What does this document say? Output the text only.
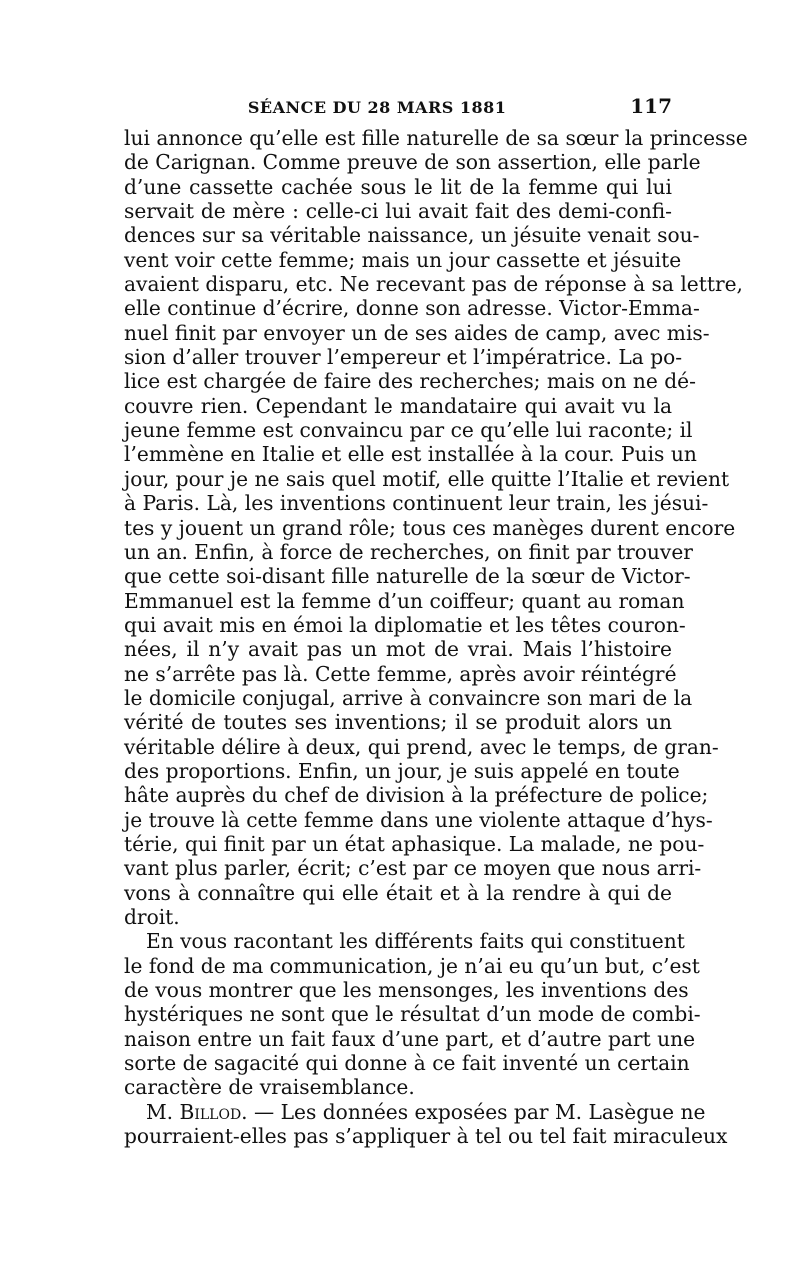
SÉANCE DU 28 MARS 1881	117
lui annonce qu’elle est fille naturelle de sa sœur la princesse
de Carignan. Comme preuve de son assertion, elle parle
d’une cassette cachée sous le lit de la femme qui lui
servait de mère : celle-ci lui avait fait des demi-confi-
dences sur sa véritable naissance, un jésuite venait sou-
vent voir cette femme; mais un jour cassette et jésuite
avaient disparu, etc. Ne recevant pas de réponse à sa lettre,
elle continue d’écrire, donne son adresse. Victor-Emma-
nuel finit par envoyer un de ses aides de camp, avec mis-
sion d’aller trouver l’empereur et l’impératrice. La po-
lice est chargée de faire des recherches; mais on ne dé-
couvre rien. Cependant le mandataire qui avait vu la
jeune femme est convaincu par ce qu’elle lui raconte; il
l’emmène en Italie et elle est installée à la cour. Puis un
jour, pour je ne sais quel motif, elle quitte l’Italie et revient
à Paris. Là, les inventions continuent leur train, les jésui-
tes y jouent un grand rôle; tous ces manèges durent encore
un an. Enfin, à force de recherches, on finit par trouver
que cette soi-disant fille naturelle de la sœur de Victor-
Emmanuel est la femme d’un coiffeur; quant au roman
qui avait mis en émoi la diplomatie et les têtes couron-
nées, il n’y avait pas un mot de vrai. Mais l’histoire
ne s’arrête pas là. Cette femme, après avoir réintégré
le domicile conjugal, arrive à convaincre son mari de la
vérité de toutes ses inventions; il se produit alors un
véritable délire à deux, qui prend, avec le temps, de gran-
des proportions. Enfin, un jour, je suis appelé en toute
hâte auprès du chef de division à la préfecture de police;
je trouve là cette femme dans une violente attaque d’hys-
térie, qui finit par un état aphasique. La malade, ne pou-
vant plus parler, écrit; c’est par ce moyen que nous arri-
vons à connaître qui elle était et à la rendre à qui de
droit.
En vous racontant les différents faits qui constituent
le fond de ma communication, je n’ai eu qu’un but, c’est
de vous montrer que les mensonges, les inventions des
hystériques ne sont que le résultat d’un mode de combi-
naison entre un fait faux d’une part, et d’autre part une
sorte de sagacité qui donne à ce fait inventé un certain
caractère de vraisemblance.
M. Billod. — Les données exposées par M. Lasègue ne
pourraient-elles pas s’appliquer à tel ou tel fait miraculeux
